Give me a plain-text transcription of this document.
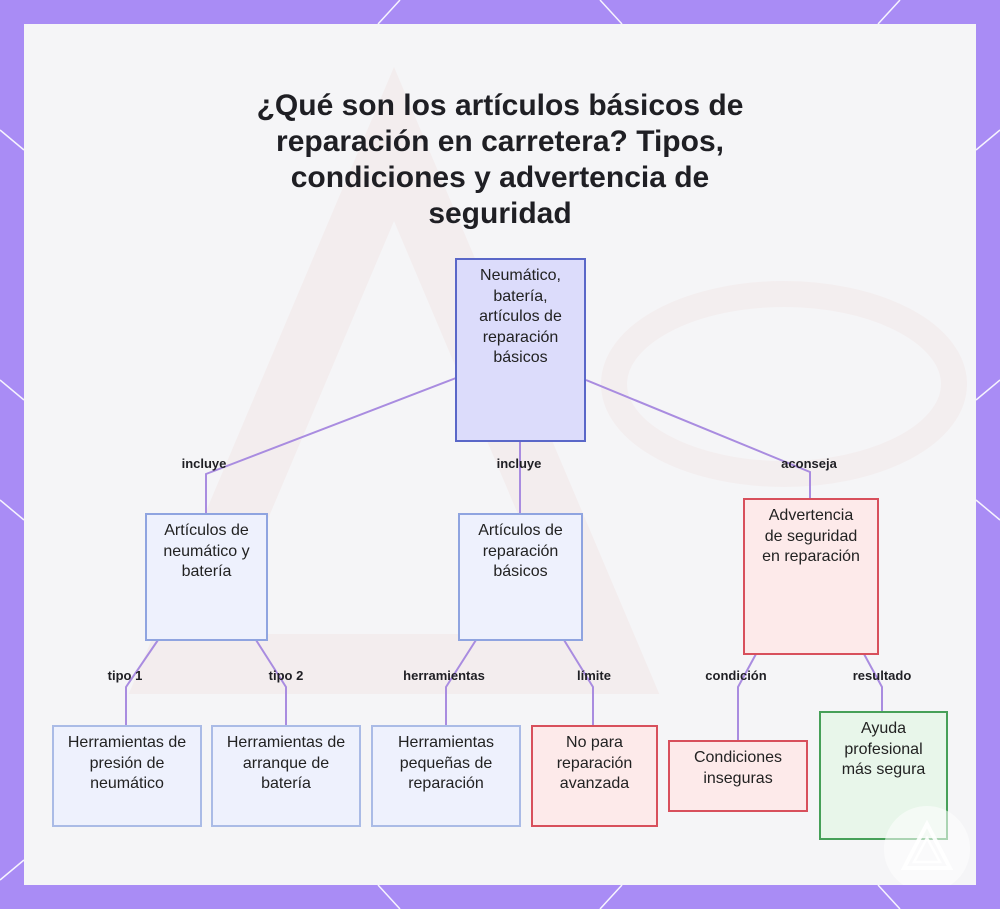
¿Qué son los artículos básicos de reparación en carretera? Tipos, condiciones y advertencia de seguridad
incluye	incluye	aconseja
tipo 1	tipo 2	herramientas	límite	condición	resultado
Neumático, batería, artículos de reparación básicos
Artículos de neumático y batería
Artículos de reparación básicos
Advertencia de seguridad en reparación
Herramientas de presión de neumático
Herramientas de arranque de batería
Herramientas pequeñas de reparación
No para reparación avanzada
Condiciones inseguras
Ayuda profesional más segura
